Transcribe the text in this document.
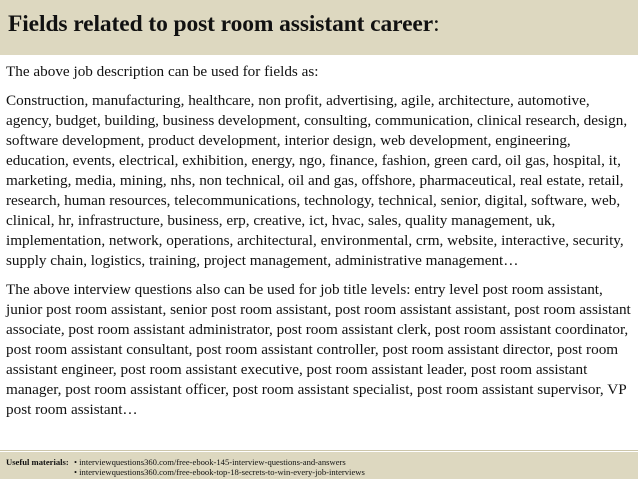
Fields related to post room assistant career:

The above job description can be used for fields as:

Construction, manufacturing, healthcare, non profit, advertising, agile, architecture, automotive, agency, budget, building, business development, consulting, communication, clinical research, design, software development, product development, interior design, web development, engineering, education, events, electrical, exhibition, energy, ngo, finance, fashion, green card, oil gas, hospital, it, marketing, media, mining, nhs, non technical, oil and gas, offshore, pharmaceutical, real estate, retail, research, human resources, telecommunications, technology, technical, senior, digital, software, web, clinical, hr, infrastructure, business, erp, creative, ict, hvac, sales, quality management, uk, implementation, network, operations, architectural, environmental, crm, website, interactive, security, supply chain, logistics, training, project management, administrative management…

The above interview questions also can be used for job title levels: entry level post room assistant, junior post room assistant, senior post room assistant, post room assistant assistant, post room assistant associate, post room assistant administrator, post room assistant clerk, post room assistant coordinator, post room assistant consultant, post room assistant controller, post room assistant director, post room assistant engineer, post room assistant executive, post room assistant leader, post room assistant manager, post room assistant officer, post room assistant specialist, post room assistant supervisor, VP post room assistant…

Useful materials: • interviewquestions360.com/free-ebook-145-interview-questions-and-answers
• interviewquestions360.com/free-ebook-top-18-secrets-to-win-every-job-interviews
